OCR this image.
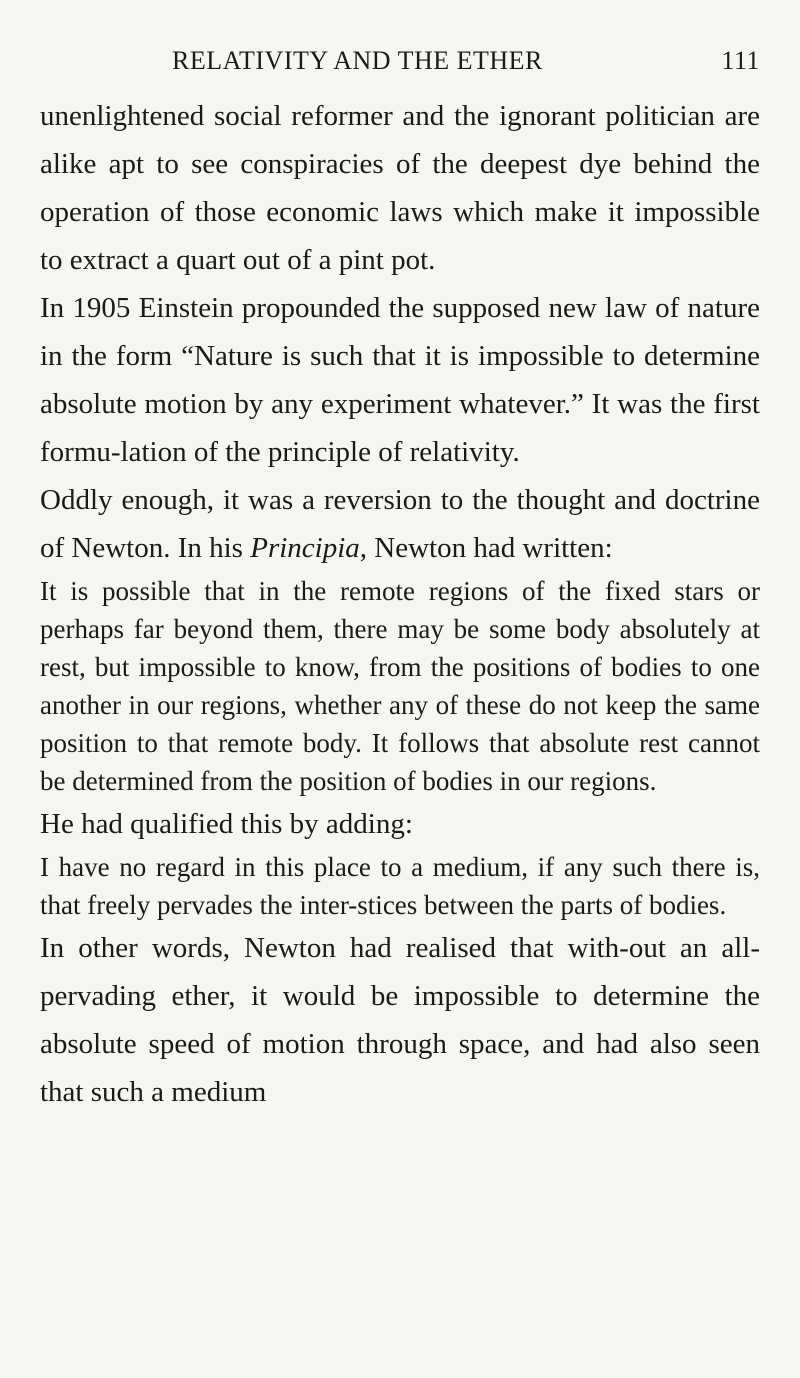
RELATIVITY AND THE ETHER	111

unenlightened social reformer and the ignorant politician are alike apt to see conspiracies of the deepest dye behind the operation of those economic laws which make it impossible to extract a quart out of a pint pot.

In 1905 Einstein propounded the supposed new law of nature in the form “Nature is such that it is impossible to determine absolute motion by any experiment whatever.” It was the first formu-lation of the principle of relativity.

Oddly enough, it was a reversion to the thought and doctrine of Newton. In his Principia, Newton had written:

It is possible that in the remote regions of the fixed stars or perhaps far beyond them, there may be some body absolutely at rest, but impossible to know, from the positions of bodies to one another in our regions, whether any of these do not keep the same position to that remote body. It follows that absolute rest cannot be determined from the position of bodies in our regions.

He had qualified this by adding:

I have no regard in this place to a medium, if any such there is, that freely pervades the inter-stices between the parts of bodies.

In other words, Newton had realised that with-out an all-pervading ether, it would be impossible to determine the absolute speed of motion through space, and had also seen that such a medium
